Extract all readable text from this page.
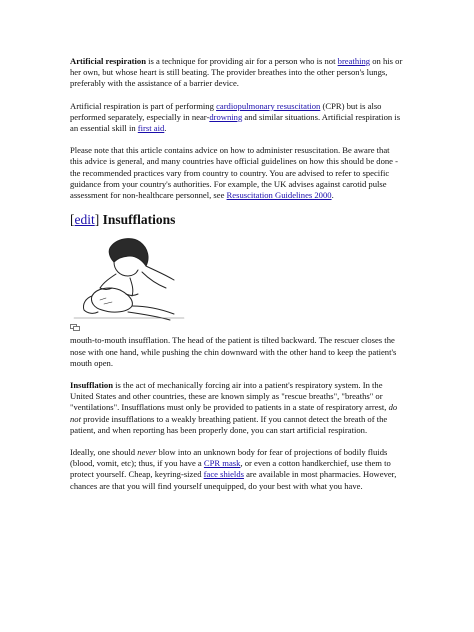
Artificial respiration is a technique for providing air for a person who is not breathing on his or her own, but whose heart is still beating. The provider breathes into the other person's lungs, preferably with the assistance of a barrier device.

Artificial respiration is part of performing cardiopulmonary resuscitation (CPR) but is also performed separately, especially in near-drowning and similar situations. Artificial respiration is an essential skill in first aid.

Please note that this article contains advice on how to administer resuscitation. Be aware that this advice is general, and many countries have official guidelines on how this should be done - the recommended practices vary from country to country. You are advised to refer to specific guidance from your country's authorities. For example, the UK advises against carotid pulse assessment for non-healthcare personnel, see Resuscitation Guidelines 2000.

[edit] Insufflations

mouth-to-mouth insufflation. The head of the patient is tilted backward. The rescuer closes the nose with one hand, while pushing the chin downward with the other hand to keep the patient's mouth open.

Insufflation is the act of mechanically forcing air into a patient's respiratory system. In the United States and other countries, these are known simply as "rescue breaths", "breaths" or "ventilations". Insufflations must only be provided to patients in a state of respiratory arrest, do not provide insufflations to a weakly breathing patient. If you cannot detect the breath of the patient, and when reporting has been properly done, you can start artificial respiration.

Ideally, one should never blow into an unknown body for fear of projections of bodily fluids (blood, vomit, etc); thus, if you have a CPR mask, or even a cotton handkerchief, use them to protect yourself. Cheap, keyring-sized face shields are available in most pharmacies. However, chances are that you will find yourself unequipped, do your best with what you have.
